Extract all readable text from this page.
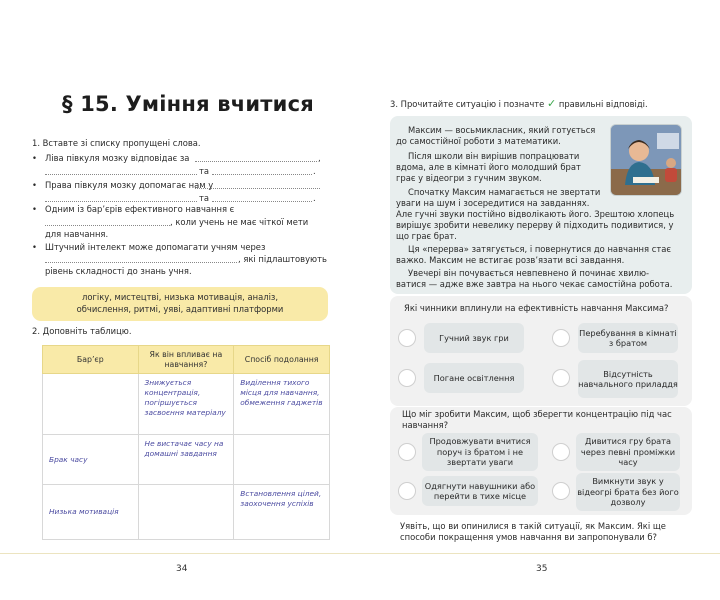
§ 15. Уміння вчитися
1. Вставте зі списку пропущені слова.
• Ліва півкуля мозку відповідає за	,
та	.
• Права півкуля мозку допомагає нам у
та	.
• Одним із бар’єрів ефективного навчання є
, коли учень не має чіткої мети
для навчання.
• Штучний інтелект може допомагати учням через
, які підлаштовують
рівень складності до знань учня.
логіку, мистецтві, низька мотивація, аналіз,
обчислення, ритмі, уяві, адаптивні платформи
2. Доповніть таблицю.
Бар’єр	Як він впливає на навчання?	Спосіб подолання
	Знижується концентрація, погіршується засвоєння матеріалу	Виділення тихого місця для навчання, обмеження гаджетів
Брак часу	Не вистачає часу на домашні завдання	
Низька мотивація		Встановлення цілей, заохочення успіхів
34
3. Прочитайте ситуацію і позначте ✓ правильні відповіді.

Максим — восьмикласник, який готується

до самостійної роботи з математики.

Після школи він вирішив попрацювати

вдома, але в кімнаті його молодший брат

грає у відеогри з гучним звуком.

Спочатку Максим намагається не звертати

уваги на шум і зосередитися на завданнях.

Але гучні звуки постійно відволікають його. Зрештою хлопець

вирішує зробити невелику перерву й підходить подивитися, у

що грає брат.

Ця «перерва» затягується, і повернутися до навчання стає

важко. Максим не встигає розв’язати всі завдання.

Увечері він почувається невпевнено й починає хвилю-

ватися — адже вже завтра на нього чекає самостійна робота.

Які чинники вплинули на ефективність навчання Максима?
Гучний звук гри
Перебування в кімнаті з братом
Погане освітлення	Відсутність навчального приладдя
Що міг зробити Максим, щоб зберегти концентрацію під час
навчання?
Продовжувати вчитися поруч із братом і не звертати уваги
Дивитися гру брата через певні проміжки часу
Одягнути навушники або перейти в тихе місце
Вимкнути звук у відеогрі брата без його дозволу
Уявіть, що ви опинилися в такій ситуації, як Максим. Які ще
способи покращення умов навчання ви запропонували б?
35
